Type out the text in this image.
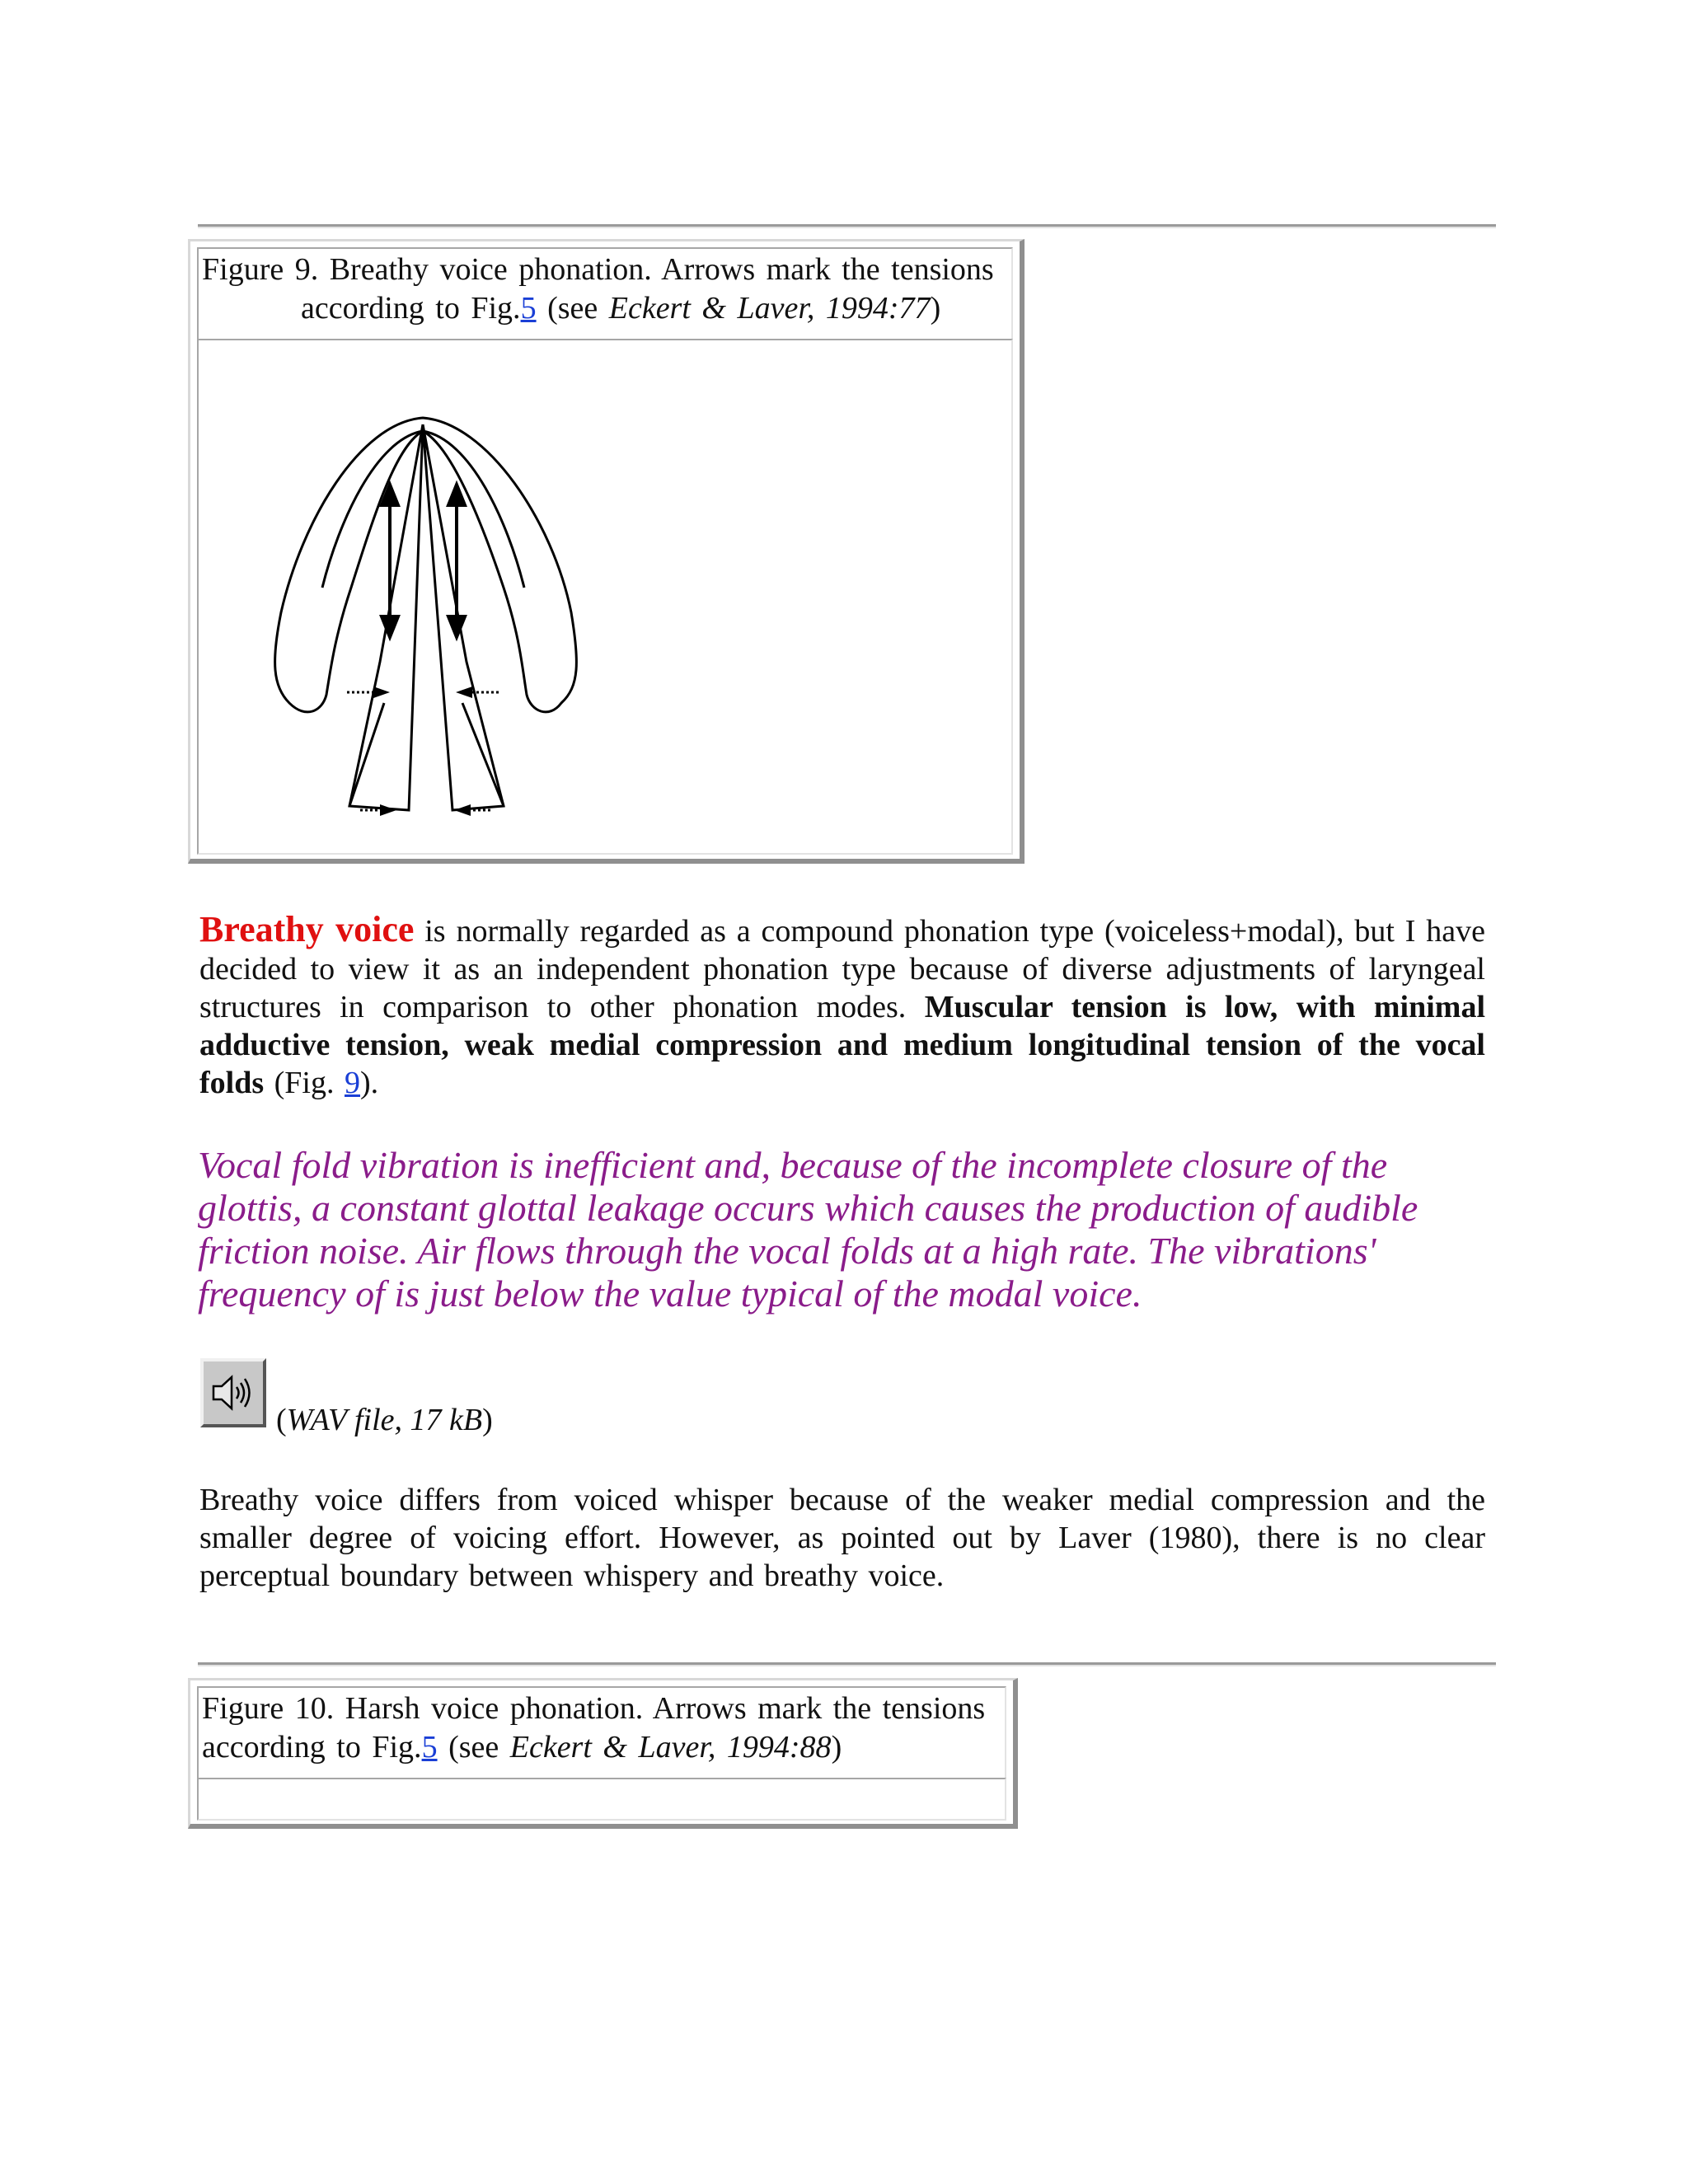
Figure 9. Breathy voice phonation. Arrows mark the tensions
according to Fig.5 (see Eckert & Laver, 1994:77)
Breathy voice is normally regarded as a compound phonation type (voiceless+modal), but I have decided to view it as an independent phonation type because of diverse adjustments of laryngeal structures in comparison to other phonation modes. Muscular tension is low, with minimal adductive tension, weak medial compression and medium longitudinal tension of the vocal folds (Fig. 9).
Vocal fold vibration is inefficient and, because of the incomplete closure of the glottis, a constant glottal leakage occurs which causes the production of audible friction noise. Air flows through the vocal folds at a high rate. The vibrations' frequency of is just below the value typical of the modal voice.
(WAV file, 17 kB)
Breathy voice differs from voiced whisper because of the weaker medial compression and the smaller degree of voicing effort. However, as pointed out by Laver (1980), there is no clear perceptual boundary between whispery and breathy voice.
Figure 10. Harsh voice phonation. Arrows mark the tensions
according to Fig.5 (see Eckert & Laver, 1994:88)
